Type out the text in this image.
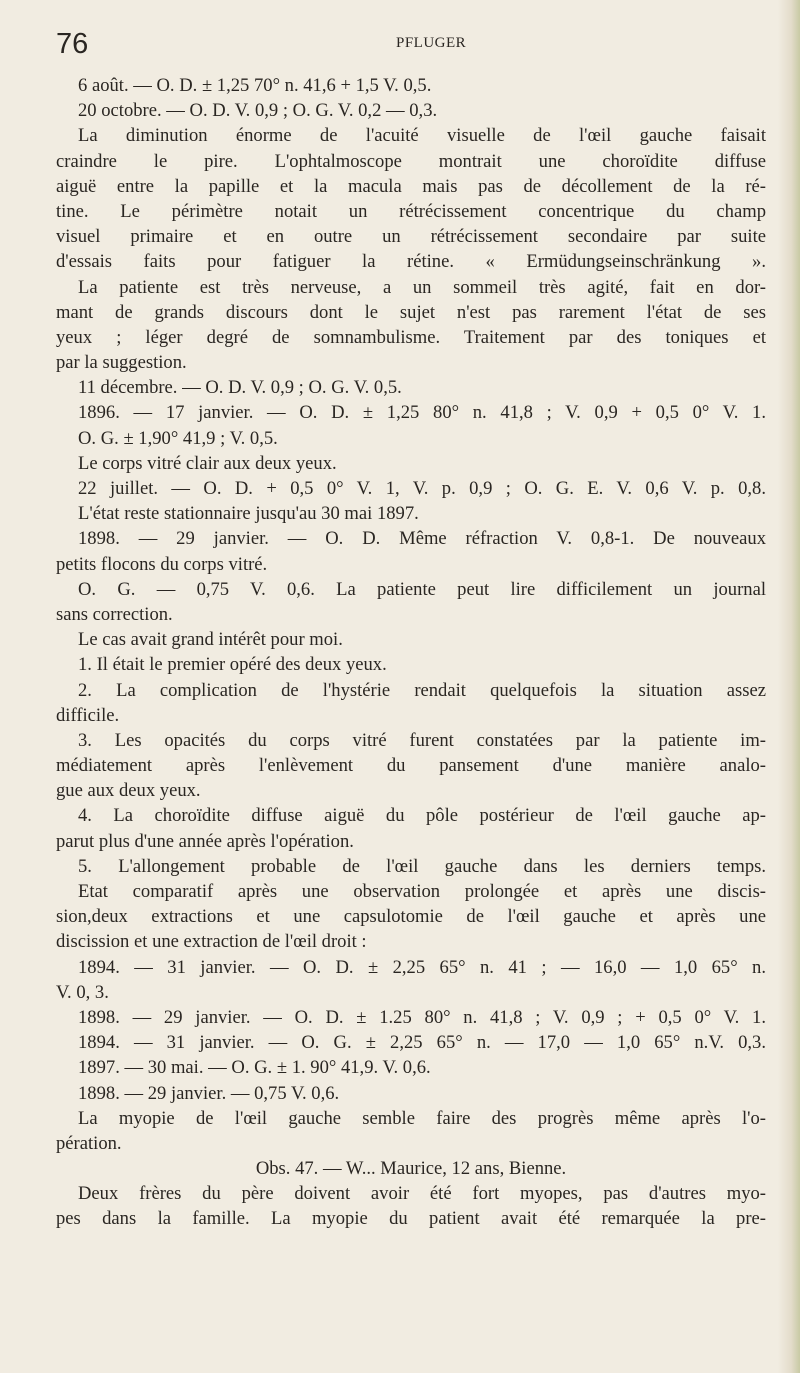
76	PFLUGER
6 août. — O. D. ± 1,25 70° n. 41,6 + 1,5 V. 0,5.
20 octobre. — O. D. V. 0,9 ; O. G. V. 0,2 — 0,3.
La diminution énorme de l'acuité visuelle de l'œil gauche faisait
craindre le pire. L'ophtalmoscope montrait une choroïdite diffuse
aiguë entre la papille et la macula mais pas de décollement de la ré-
tine. Le périmètre notait un rétrécissement concentrique du champ
visuel primaire et en outre un rétrécissement secondaire par suite
d'essais faits pour fatiguer la rétine. « Ermüdungseinschränkung ».
La patiente est très nerveuse, a un sommeil très agité, fait en dor-
mant de grands discours dont le sujet n'est pas rarement l'état de ses
yeux ; léger degré de somnambulisme. Traitement par des toniques et
par la suggestion.
11 décembre. — O. D. V. 0,9 ; O. G. V. 0,5.
1896. — 17 janvier. — O. D. ± 1,25 80° n. 41,8 ; V. 0,9 + 0,5 0° V. 1.
O. G. ± 1,90° 41,9 ; V. 0,5.
Le corps vitré clair aux deux yeux.
22 juillet. — O. D. + 0,5 0° V. 1, V. p. 0,9 ; O. G. E. V. 0,6 V. p. 0,8.
L'état reste stationnaire jusqu'au 30 mai 1897.
1898. — 29 janvier. — O. D. Même réfraction V. 0,8-1. De nouveaux
petits flocons du corps vitré.
O. G. — 0,75 V. 0,6. La patiente peut lire difficilement un journal
sans correction.
Le cas avait grand intérêt pour moi.
1. Il était le premier opéré des deux yeux.
2. La complication de l'hystérie rendait quelquefois la situation assez
difficile.
3. Les opacités du corps vitré furent constatées par la patiente im-
médiatement après l'enlèvement du pansement d'une manière analo-
gue aux deux yeux.
4. La choroïdite diffuse aiguë du pôle postérieur de l'œil gauche ap-
parut plus d'une année après l'opération.
5. L'allongement probable de l'œil gauche dans les derniers temps.
Etat comparatif après une observation prolongée et après une discis-
sion,deux extractions et une capsulotomie de l'œil gauche et après une
discission et une extraction de l'œil droit :
1894. — 31 janvier. — O. D. ± 2,25 65° n. 41 ; — 16,0 — 1,0 65° n.
V. 0, 3.
1898. — 29 janvier. — O. D. ± 1.25 80° n. 41,8 ; V. 0,9 ; + 0,5 0° V. 1.
1894. — 31 janvier. — O. G. ± 2,25 65° n. — 17,0 — 1,0 65° n.V. 0,3.
1897. — 30 mai. — O. G. ± 1. 90° 41,9. V. 0,6.
1898. — 29 janvier. — 0,75 V. 0,6.
La myopie de l'œil gauche semble faire des progrès même après l'o-
pération.
Obs. 47. — W... Maurice, 12 ans, Bienne.
Deux frères du père doivent avoir été fort myopes, pas d'autres myo-
pes dans la famille. La myopie du patient avait été remarquée la pre-
